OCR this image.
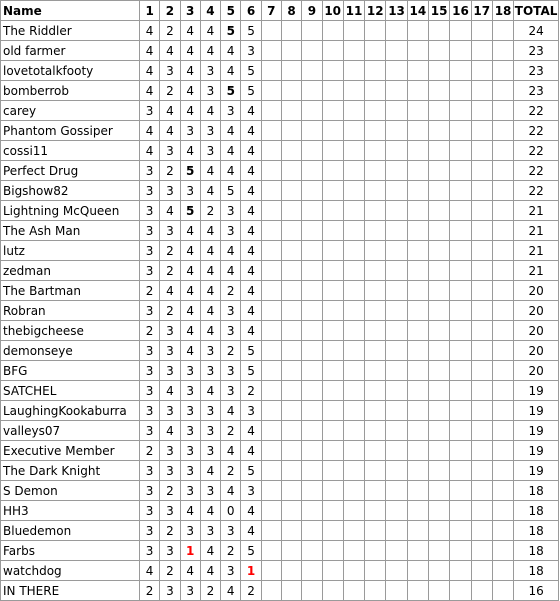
Name	1	2	3	4	5	6	7	8	9	10	11	12	13	14	15	16	17	18	TOTAL
The Riddler	4	2	4	4	5	5													24
old farmer	4	4	4	4	4	3													23
lovetotalkfooty	4	3	4	3	4	5													23
bomberrob	4	2	4	3	5	5													23
carey	3	4	4	4	3	4													22
Phantom Gossiper	4	4	3	3	4	4													22
cossi11	4	3	4	3	4	4													22
Perfect Drug	3	2	5	4	4	4													22
Bigshow82	3	3	3	4	5	4													22
Lightning McQueen	3	4	5	2	3	4													21
The Ash Man	3	3	4	4	3	4													21
lutz	3	2	4	4	4	4													21
zedman	3	2	4	4	4	4													21
The Bartman	2	4	4	4	2	4													20
Robran	3	2	4	4	3	4													20
thebigcheese	2	3	4	4	3	4													20
demonseye	3	3	4	3	2	5													20
BFG	3	3	3	3	3	5													20
SATCHEL	3	4	3	4	3	2													19
LaughingKookaburra	3	3	3	3	4	3													19
valleys07	3	4	3	3	2	4													19
Executive Member	2	3	3	3	4	4													19
The Dark Knight	3	3	3	4	2	5													19
S Demon	3	2	3	3	4	3													18
HH3	3	3	4	4	0	4													18
Bluedemon	3	2	3	3	3	4													18
Farbs	3	3	1	4	2	5													18
watchdog	4	2	4	4	3	1													18
IN THERE	2	3	3	2	4	2													16
